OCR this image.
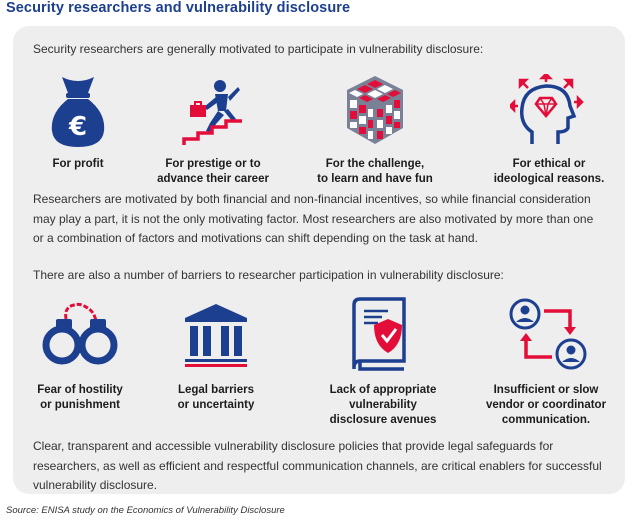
Security researchers and vulnerability disclosure
Security researchers are generally motivated to participate in vulnerability disclosure:
€
For profit	For prestige or to
advance their career
For the challenge,
to learn and have fun
For ethical or
ideological reasons.
Researchers are motivated by both financial and non-financial incentives, so while financial consideration
may play a part, it is not the only motivating factor. Most researchers are also motivated by more than one
or a combination of factors and motivations can shift depending on the task at hand.
There are also a number of barriers to researcher participation in vulnerability disclosure:
Fear of hostility
or punishment
Legal barriers
or uncertainty
Lack of appropriate
vulnerability
disclosure avenues
Insufficient or slow
vendor or coordinator
communication.
Clear, transparent and accessible vulnerability disclosure policies that provide legal safeguards for
researchers, as well as efficient and respectful communication channels, are critical enablers for successful
vulnerability disclosure.
Source: ENISA study on the Economics of Vulnerability Disclosure
